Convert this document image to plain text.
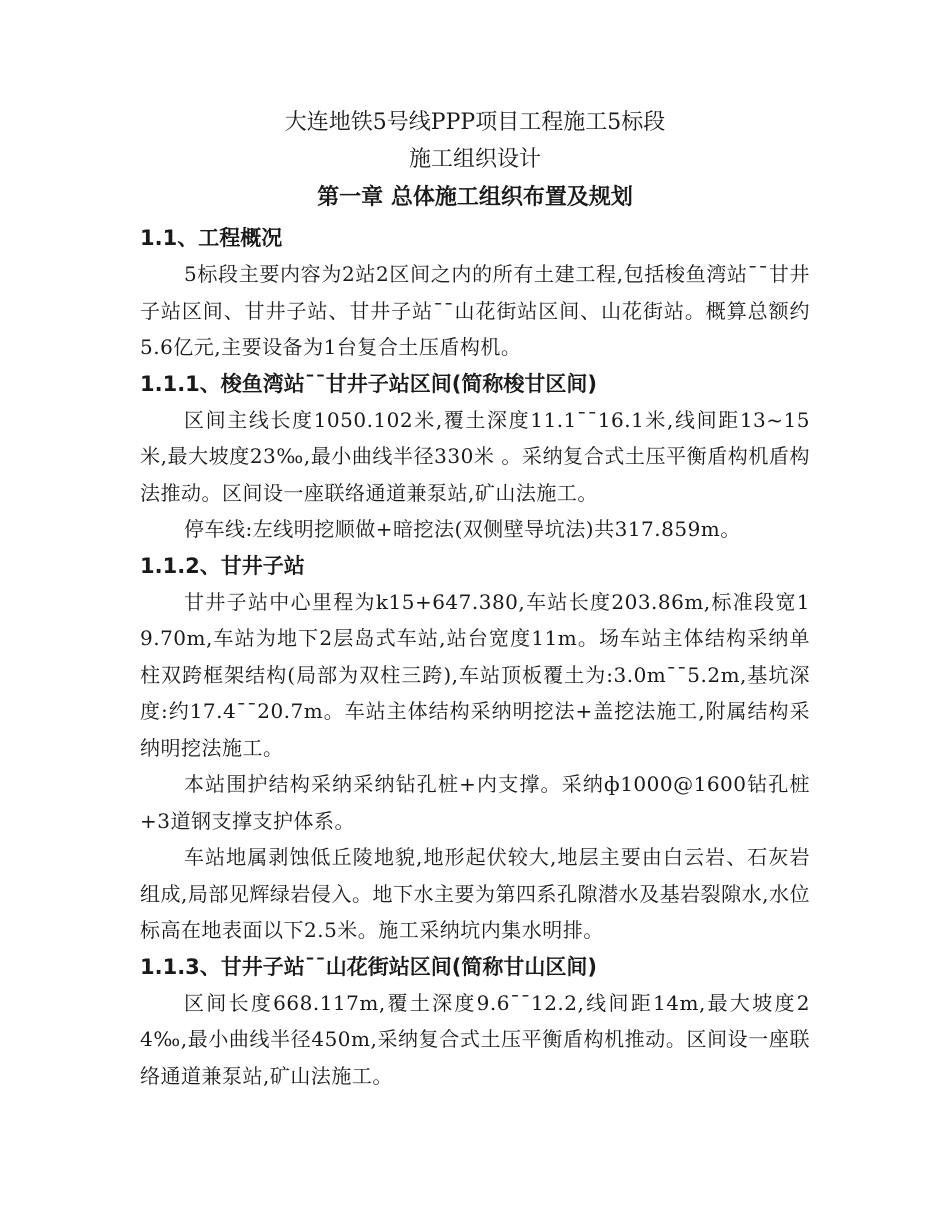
大连地铁5号线PPP项目工程施工5标段
施工组织设计
第一章 总体施工组织布置及规划

1.1、工程概况

5标段主要内容为2站2区间之内的所有土建工程,包括梭鱼湾站¯¯甘井子站区间、甘井子站、甘井子站¯¯山花街站区间、山花街站。概算总额约5.6亿元,主要设备为1台复合土压盾构机。

1.1.1、梭鱼湾站¯¯甘井子站区间(简称梭甘区间)

区间主线长度1050.102米,覆土深度11.1¯¯16.1米,线间距13~15米,最大坡度23‰,最小曲线半径330米 。采纳复合式土压平衡盾构机盾构法推动。区间设一座联络通道兼泵站,矿山法施工。

停车线:左线明挖顺做+暗挖法(双侧壁导坑法)共317.859m。

1.1.2、甘井子站

甘井子站中心里程为k15+647.380,车站长度203.86m,标准段宽19.70m,车站为地下2层岛式车站,站台宽度11m。场车站主体结构采纳单柱双跨框架结构(局部为双柱三跨),车站顶板覆土为:3.0m¯¯5.2m,基坑深度:约17.4¯¯20.7m。车站主体结构采纳明挖法+盖挖法施工,附属结构采纳明挖法施工。

本站围护结构采纳采纳钻孔桩+内支撑。采纳ф1000@1600钻孔桩+3道钢支撑支护体系。

车站地属剥蚀低丘陵地貌,地形起伏较大,地层主要由白云岩、石灰岩组成,局部见辉绿岩侵入。地下水主要为第四系孔隙潜水及基岩裂隙水,水位标高在地表面以下2.5米。施工采纳坑内集水明排。

1.1.3、甘井子站¯¯山花街站区间(简称甘山区间)

区间长度668.117m,覆土深度9.6¯¯12.2,线间距14m,最大坡度24‰,最小曲线半径450m,采纳复合式土压平衡盾构机推动。区间设一座联络通道兼泵站,矿山法施工。
